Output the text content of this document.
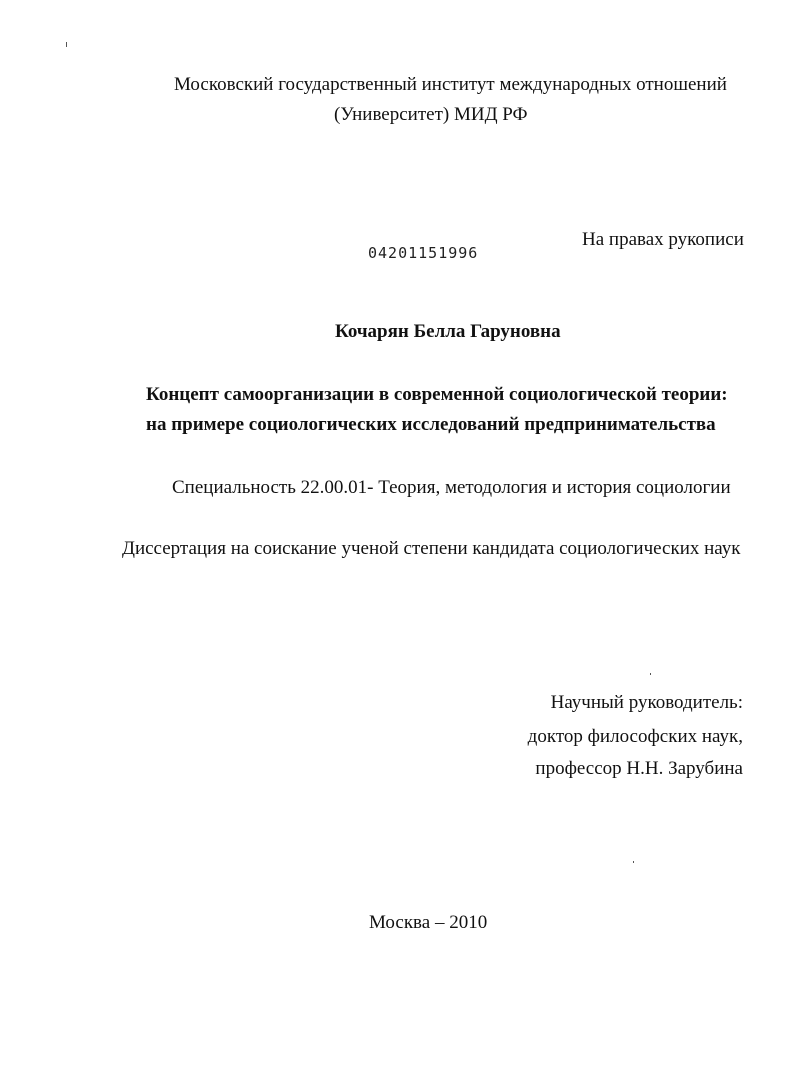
Московский государственный институт международных отношений
(Университет) МИД РФ
04201151996
На правах рукописи
Кочарян Белла Гаруновна
Концепт самоорганизации в современной социологической теории:
на примере социологических исследований предпринимательства
Специальность 22.00.01- Теория, методология и история социологии
Диссертация на соискание ученой степени кандидата социологических наук
Научный руководитель:
доктор философских наук,
профессор Н.Н. Зарубина
Москва – 2010
